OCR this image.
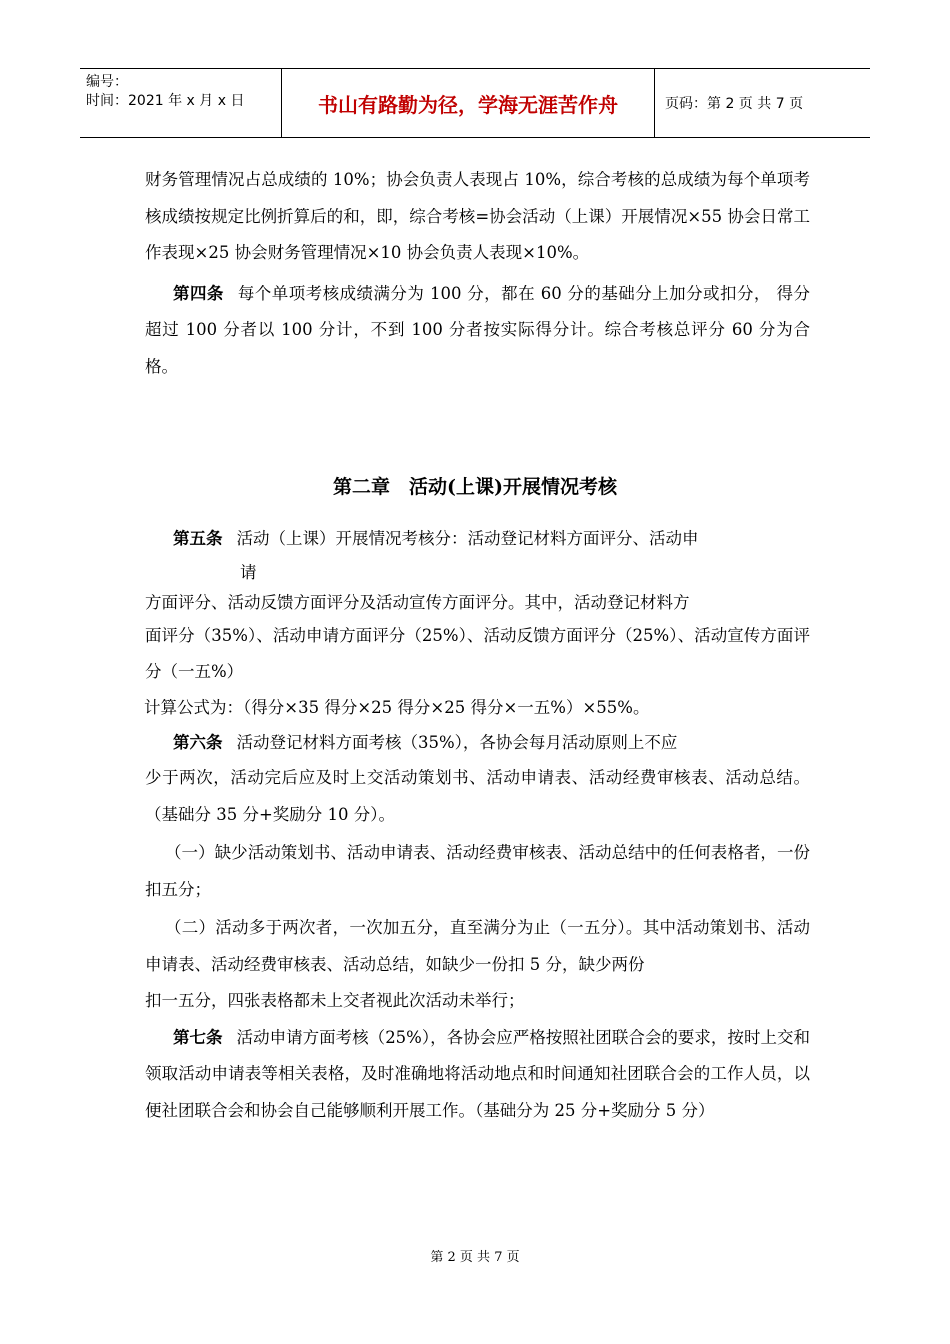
编号：
时间：2021 年 x 月 x 日	书山有路勤为径，学海无涯苦作舟	页码：第 2 页 共 7 页

财务管理情况占总成绩的 10%；协会负责人表现占 10%，综合考核的总成绩为每个单项考核成绩按规定比例折算后的和，即，综合考核=协会活动（上课）开展情况×55 协会日常工作表现×25 协会财务管理情况×10 协会负责人表现×10%。

第四条 每个单项考核成绩满分为 100 分，都在 60 分的基础分上加分或扣分， 得分超过 100 分者以 100 分计，不到 100 分者按实际得分计。综合考核总评分 60 分为合格。

第二章　活动(上课)开展情况考核

第五条 活动（上课）开展情况考核分：活动登记材料方面评分、活动申

请

方面评分、活动反馈方面评分及活动宣传方面评分。其中，活动登记材料方

面评分（35%）、活动申请方面评分（25%）、活动反馈方面评分（25%）、活动宣传方面评分（一五%）

计算公式为：（得分×35 得分×25 得分×25 得分×一五%）×55%。

第六条 活动登记材料方面考核（35%），各协会每月活动原则上不应

少于两次，活动完后应及时上交活动策划书、活动申请表、活动经费审核表、活动总结。（基础分 35 分+奖励分 10 分）。

（一）缺少活动策划书、活动申请表、活动经费审核表、活动总结中的任何表格者，一份扣五分；

（二）活动多于两次者，一次加五分，直至满分为止（一五分）。其中活动策划书、活动申请表、活动经费审核表、活动总结，如缺少一份扣 5 分，缺少两份

扣一五分，四张表格都未上交者视此次活动未举行；

第七条 活动申请方面考核（25%），各协会应严格按照社团联合会的要求，按时上交和领取活动申请表等相关表格，及时准确地将活动地点和时间通知社团联合会的工作人员，以便社团联合会和协会自己能够顺利开展工作。（基础分为 25 分+奖励分 5 分）

第 2 页 共 7 页
